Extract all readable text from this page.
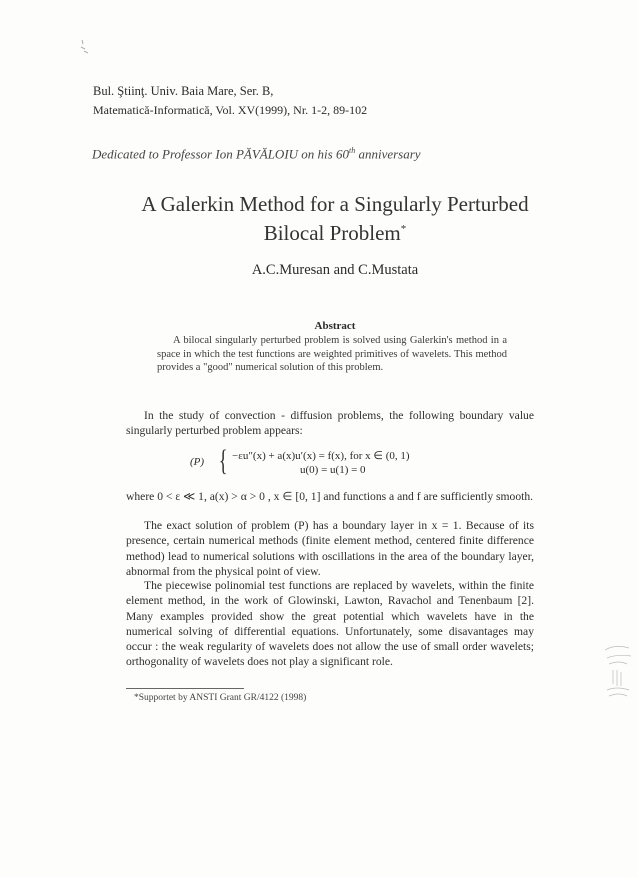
Bul. Ştiinţ. Univ. Baia Mare, Ser. B,
Matematică-Informatică, Vol. XV(1999), Nr. 1-2, 89-102
Dedicated to Professor Ion PĂVĂLOIU on his 60th anniversary
A Galerkin Method for a Singularly Perturbed
Bilocal Problem*
A.C.Muresan and C.Mustata
Abstract
A bilocal singularly perturbed problem is solved using Galerkin's method in a space in which the test functions are weighted primitives of wavelets. This method provides a "good" numerical solution of this problem.
In the study of convection - diffusion problems, the following boundary value singularly perturbed problem appears:
(P) { −εu″(x) + a(x)u′(x) = f(x), for x ∈ (0, 1)
u(0) = u(1) = 0
where 0 < ε ≪ 1, a(x) > α > 0 , x ∈ [0, 1] and functions a and f are sufficiently smooth.
The exact solution of problem (P) has a boundary layer in x = 1. Because of its presence, certain numerical methods (finite element method, centered finite difference method) lead to numerical solutions with oscillations in the area of the boundary layer, abnormal from the physical point of view.
The piecewise polinomial test functions are replaced by wavelets, within the finite element method, in the work of Glowinski, Lawton, Ravachol and Tenenbaum [2]. Many examples provided show the great potential which wavelets have in the numerical solving of differential equations. Unfortunately, some disavantages may occur : the weak regularity of wavelets does not allow the use of small order wavelets; orthogonality of wavelets does not play a significant role.
*Supportet by ANSTI Grant GR/4122 (1998)
